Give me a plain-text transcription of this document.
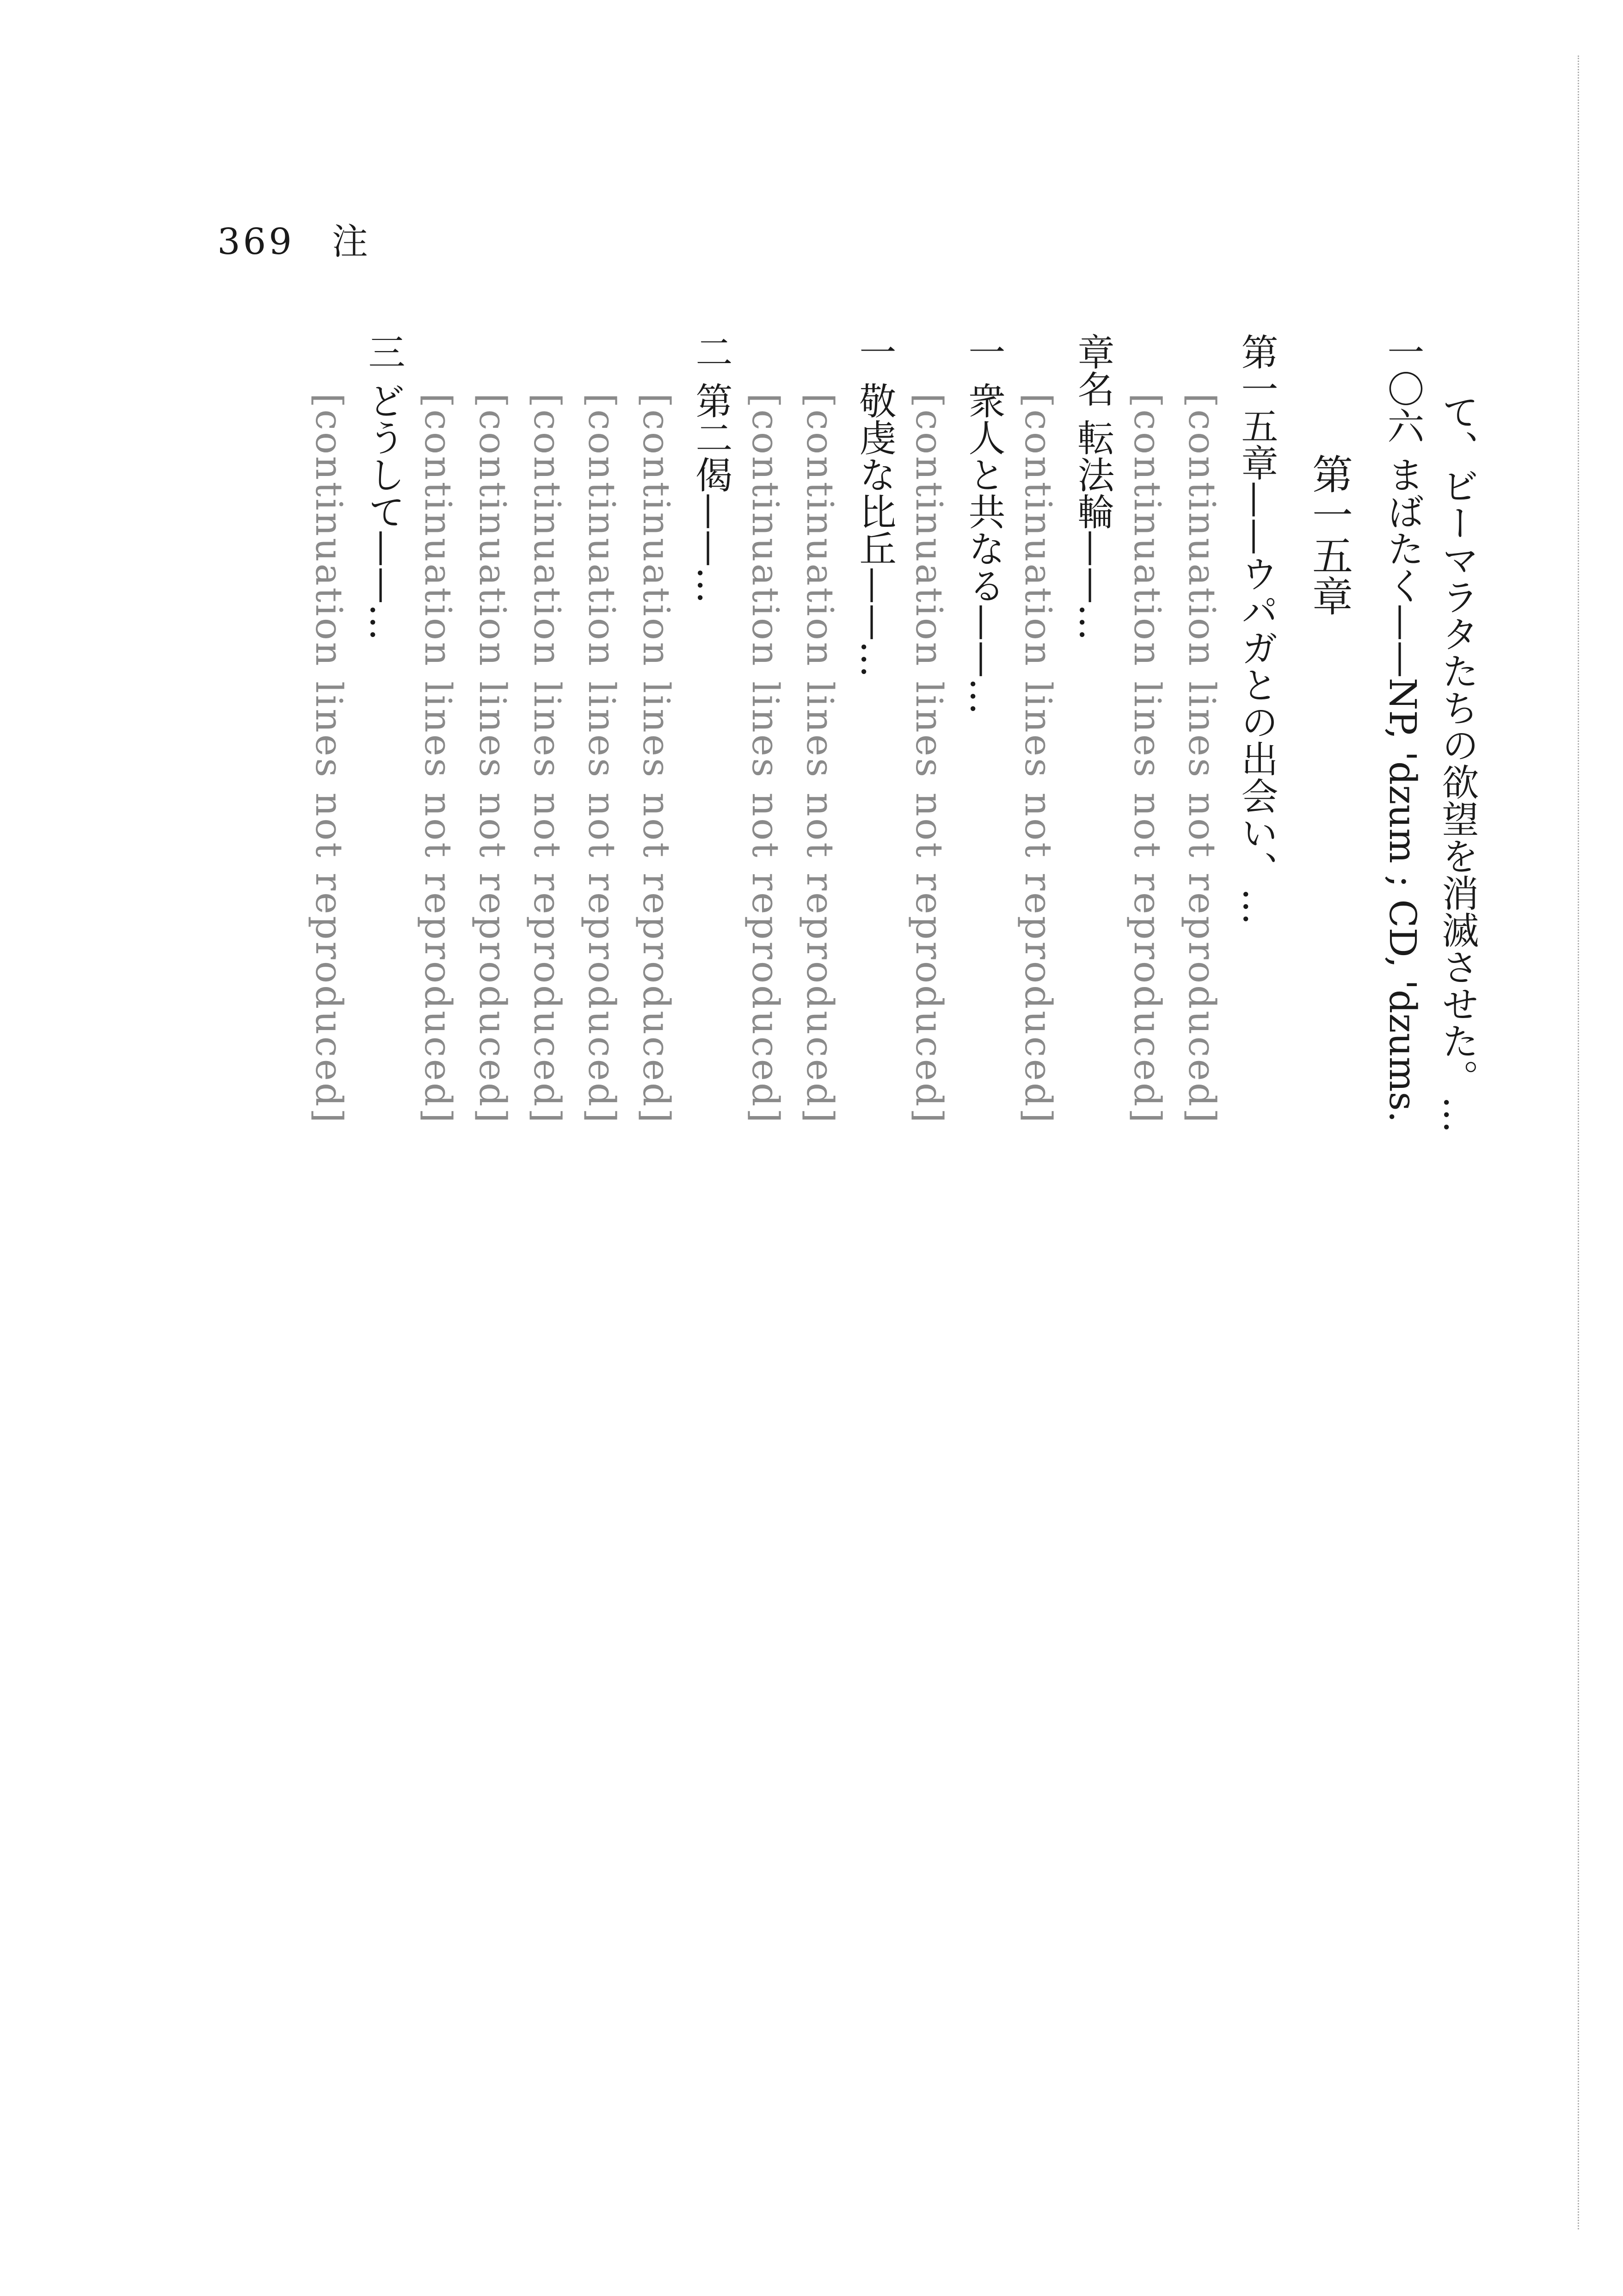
369 注
て、ビーマラタたちの欲望を消滅させた。…
一〇六 まばたく——NP, 'dzum ; CD, 'dzums.
第一五章
第一五章——ウパガとの出会い、…
[continuation lines not reproduced]
[continuation lines not reproduced]
章名 転法輪——…
[continuation lines not reproduced]
一 衆人と共なる——…
[continuation lines not reproduced]
一 敬虔な比丘——…
[continuation lines not reproduced]
[continuation lines not reproduced]
二 第二偈——…
[continuation lines not reproduced]
[continuation lines not reproduced]
[continuation lines not reproduced]
[continuation lines not reproduced]
[continuation lines not reproduced]
三 どうして——…
[continuation lines not reproduced]
